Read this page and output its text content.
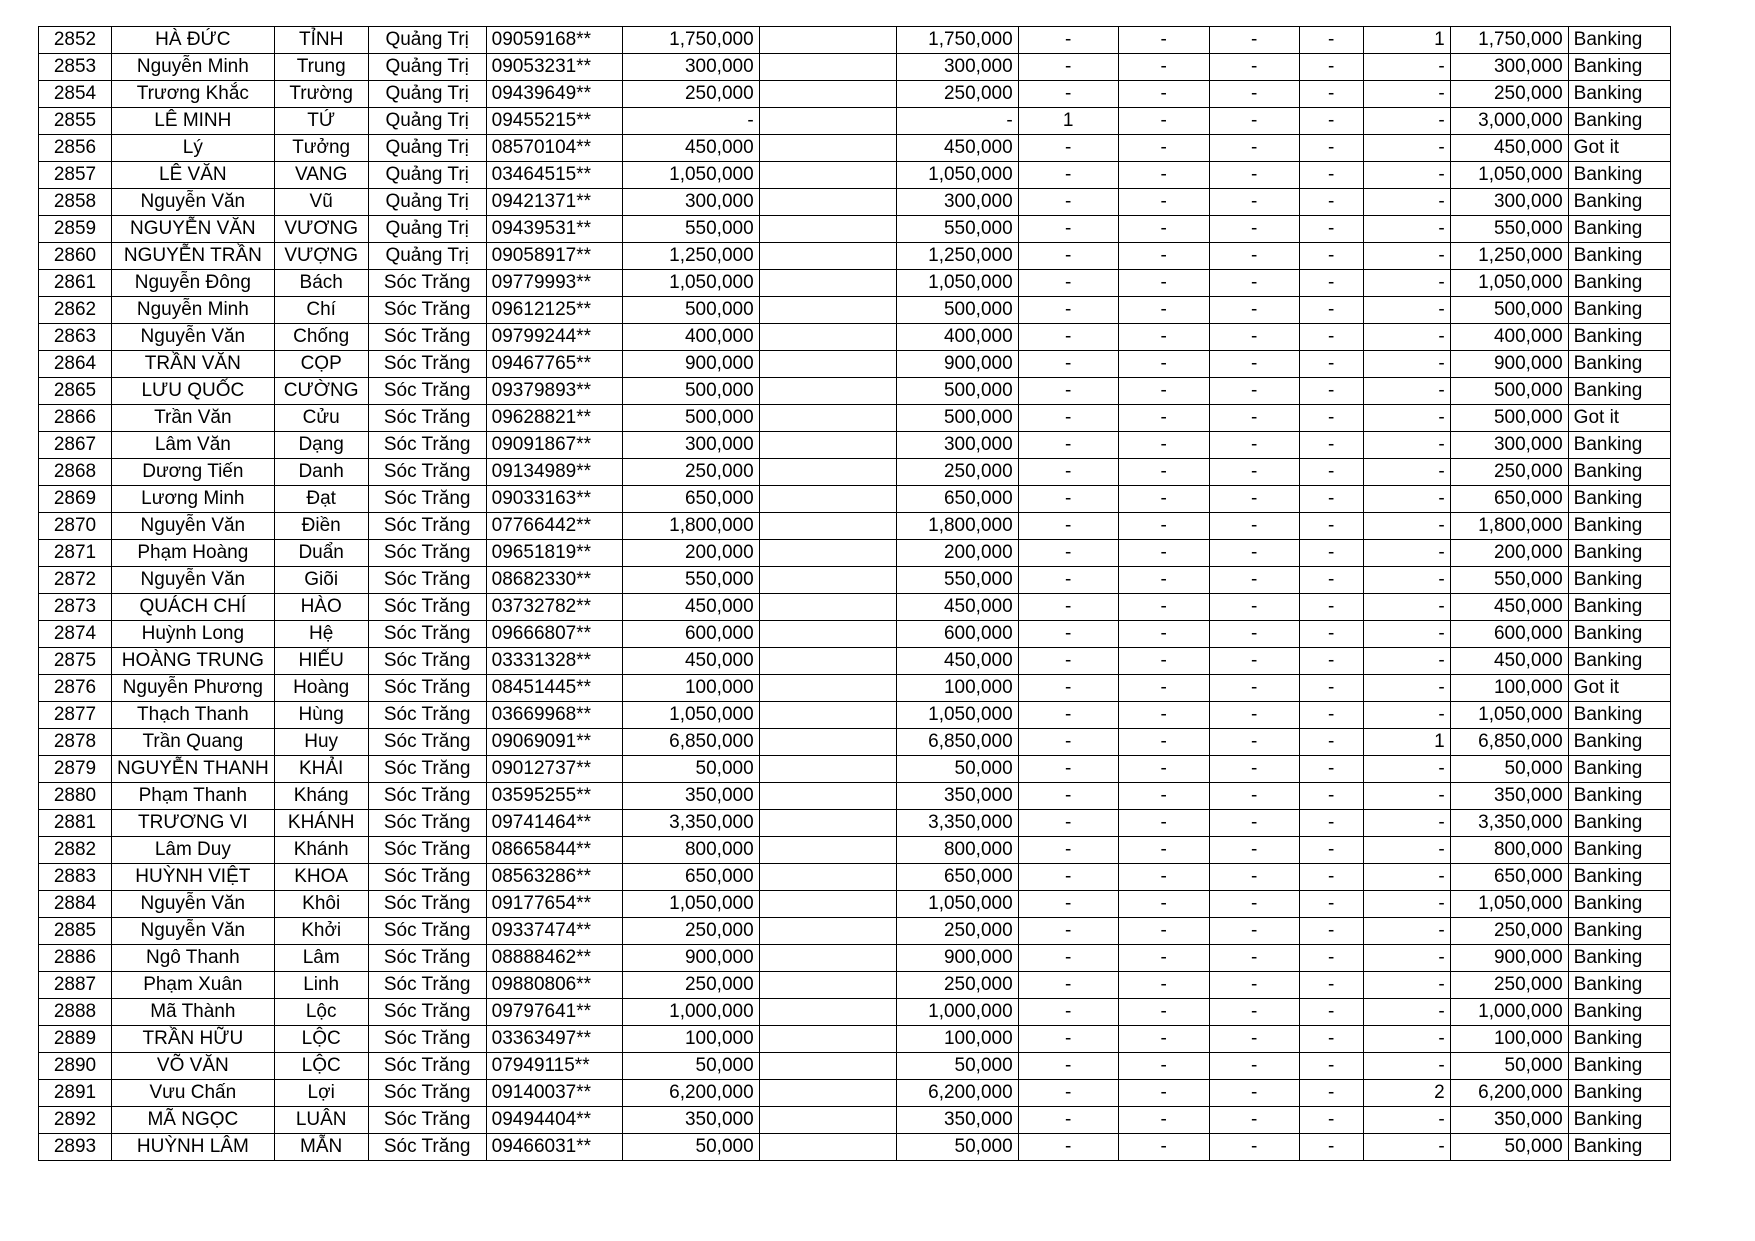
2852	HÀ ĐỨC	TỈNH	Quảng Trị	09059168**	1,750,000		1,750,000	-	-	-	-	1	1,750,000	Banking
2853	Nguyễn Minh	Trung	Quảng Trị	09053231**	300,000		300,000	-	-	-	-	-	300,000	Banking
2854	Trương Khắc	Trường	Quảng Trị	09439649**	250,000		250,000	-	-	-	-	-	250,000	Banking
2855	LÊ MINH	TỨ	Quảng Trị	09455215**	-		-	1	-	-	-	-	3,000,000	Banking
2856	Lý	Tưởng	Quảng Trị	08570104**	450,000		450,000	-	-	-	-	-	450,000	Got it
2857	LÊ VĂN	VANG	Quảng Trị	03464515**	1,050,000		1,050,000	-	-	-	-	-	1,050,000	Banking
2858	Nguyễn Văn	Vũ	Quảng Trị	09421371**	300,000		300,000	-	-	-	-	-	300,000	Banking
2859	NGUYỄN VĂN	VƯƠNG	Quảng Trị	09439531**	550,000		550,000	-	-	-	-	-	550,000	Banking
2860	NGUYỄN TRẦN	VƯỢNG	Quảng Trị	09058917**	1,250,000		1,250,000	-	-	-	-	-	1,250,000	Banking
2861	Nguyễn Đông	Bách	Sóc Trăng	09779993**	1,050,000		1,050,000	-	-	-	-	-	1,050,000	Banking
2862	Nguyễn Minh	Chí	Sóc Trăng	09612125**	500,000		500,000	-	-	-	-	-	500,000	Banking
2863	Nguyễn Văn	Chống	Sóc Trăng	09799244**	400,000		400,000	-	-	-	-	-	400,000	Banking
2864	TRẦN VĂN	CỌP	Sóc Trăng	09467765**	900,000		900,000	-	-	-	-	-	900,000	Banking
2865	LƯU QUỐC	CƯỜNG	Sóc Trăng	09379893**	500,000		500,000	-	-	-	-	-	500,000	Banking
2866	Trần Văn	Cửu	Sóc Trăng	09628821**	500,000		500,000	-	-	-	-	-	500,000	Got it
2867	Lâm Văn	Dạng	Sóc Trăng	09091867**	300,000		300,000	-	-	-	-	-	300,000	Banking
2868	Dương Tiến	Danh	Sóc Trăng	09134989**	250,000		250,000	-	-	-	-	-	250,000	Banking
2869	Lương Minh	Đạt	Sóc Trăng	09033163**	650,000		650,000	-	-	-	-	-	650,000	Banking
2870	Nguyễn Văn	Điền	Sóc Trăng	07766442**	1,800,000		1,800,000	-	-	-	-	-	1,800,000	Banking
2871	Phạm Hoàng	Duẩn	Sóc Trăng	09651819**	200,000		200,000	-	-	-	-	-	200,000	Banking
2872	Nguyễn Văn	Giõi	Sóc Trăng	08682330**	550,000		550,000	-	-	-	-	-	550,000	Banking
2873	QUÁCH CHÍ	HÀO	Sóc Trăng	03732782**	450,000		450,000	-	-	-	-	-	450,000	Banking
2874	Huỳnh Long	Hệ	Sóc Trăng	09666807**	600,000		600,000	-	-	-	-	-	600,000	Banking
2875	HOÀNG TRUNG	HIẾU	Sóc Trăng	03331328**	450,000		450,000	-	-	-	-	-	450,000	Banking
2876	Nguyễn Phương	Hoàng	Sóc Trăng	08451445**	100,000		100,000	-	-	-	-	-	100,000	Got it
2877	Thạch Thanh	Hùng	Sóc Trăng	03669968**	1,050,000		1,050,000	-	-	-	-	-	1,050,000	Banking
2878	Trần Quang	Huy	Sóc Trăng	09069091**	6,850,000		6,850,000	-	-	-	-	1	6,850,000	Banking
2879	NGUYỄN THANH	KHẢI	Sóc Trăng	09012737**	50,000		50,000	-	-	-	-	-	50,000	Banking
2880	Phạm Thanh	Kháng	Sóc Trăng	03595255**	350,000		350,000	-	-	-	-	-	350,000	Banking
2881	TRƯƠNG VI	KHÁNH	Sóc Trăng	09741464**	3,350,000		3,350,000	-	-	-	-	-	3,350,000	Banking
2882	Lâm Duy	Khánh	Sóc Trăng	08665844**	800,000		800,000	-	-	-	-	-	800,000	Banking
2883	HUỲNH VIỆT	KHOA	Sóc Trăng	08563286**	650,000		650,000	-	-	-	-	-	650,000	Banking
2884	Nguyễn Văn	Khôi	Sóc Trăng	09177654**	1,050,000		1,050,000	-	-	-	-	-	1,050,000	Banking
2885	Nguyễn Văn	Khởi	Sóc Trăng	09337474**	250,000		250,000	-	-	-	-	-	250,000	Banking
2886	Ngô Thanh	Lâm	Sóc Trăng	08888462**	900,000		900,000	-	-	-	-	-	900,000	Banking
2887	Phạm Xuân	Linh	Sóc Trăng	09880806**	250,000		250,000	-	-	-	-	-	250,000	Banking
2888	Mã Thành	Lộc	Sóc Trăng	09797641**	1,000,000		1,000,000	-	-	-	-	-	1,000,000	Banking
2889	TRẦN HỮU	LỘC	Sóc Trăng	03363497**	100,000		100,000	-	-	-	-	-	100,000	Banking
2890	VÕ VĂN	LỘC	Sóc Trăng	07949115**	50,000		50,000	-	-	-	-	-	50,000	Banking
2891	Vưu Chấn	Lợi	Sóc Trăng	09140037**	6,200,000		6,200,000	-	-	-	-	2	6,200,000	Banking
2892	MÃ NGỌC	LUÂN	Sóc Trăng	09494404**	350,000		350,000	-	-	-	-	-	350,000	Banking
2893	HUỲNH LÂM	MẪN	Sóc Trăng	09466031**	50,000		50,000	-	-	-	-	-	50,000	Banking
